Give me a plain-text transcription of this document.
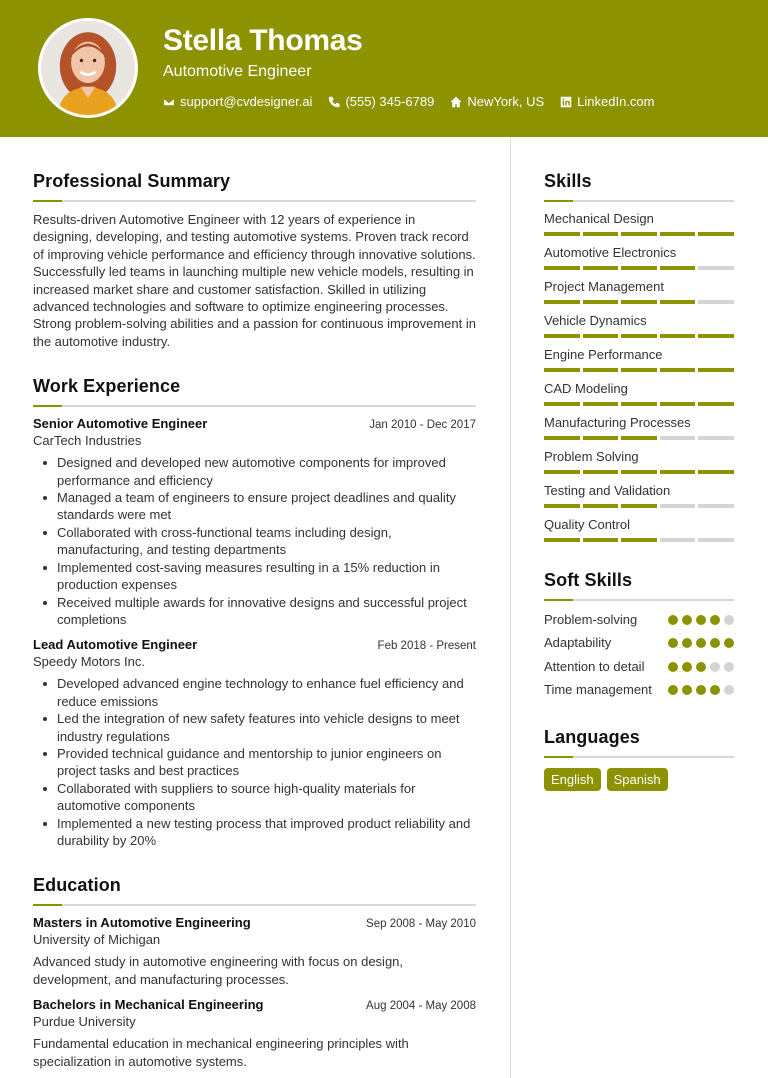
Stella Thomas
Automotive Engineer
support@cvdesigner.ai	(555) 345-6789	NewYork, US	LinkedIn.com
Professional Summary

Results-driven Automotive Engineer with 12 years of experience in designing, developing, and testing automotive systems. Proven track record of improving vehicle performance and efficiency through innovative solutions. Successfully led teams in launching multiple new vehicle models, resulting in increased market share and customer satisfaction. Skilled in utilizing advanced technologies and software to optimize engineering processes. Strong problem-solving abilities and a passion for continuous improvement in the automotive industry.

Work Experience
Senior Automotive Engineer	Jan 2010 - Dec 2017
CarTech Industries
Designed and developed new automotive components for improved performance and efficiency
Managed a team of engineers to ensure project deadlines and quality standards were met
Collaborated with cross-functional teams including design, manufacturing, and testing departments
Implemented cost-saving measures resulting in a 15% reduction in production expenses
Received multiple awards for innovative designs and successful project completions
Lead Automotive Engineer	Feb 2018 - Present
Speedy Motors Inc.
Developed advanced engine technology to enhance fuel efficiency and reduce emissions
Led the integration of new safety features into vehicle designs to meet industry regulations
Provided technical guidance and mentorship to junior engineers on project tasks and best practices
Collaborated with suppliers to source high-quality materials for automotive components
Implemented a new testing process that improved product reliability and durability by 20%
Education
Masters in Automotive Engineering	Sep 2008 - May 2010
University of Michigan

Advanced study in automotive engineering with focus on design, development, and manufacturing processes.

Bachelors in Mechanical Engineering	Aug 2004 - May 2008
Purdue University

Fundamental education in mechanical engineering principles with specialization in automotive systems.

Skills
Mechanical Design
Automotive Electronics
Project Management
Vehicle Dynamics
Engine Performance
CAD Modeling
Manufacturing Processes
Problem Solving
Testing and Validation
Quality Control
Soft Skills
Problem-solving
Adaptability
Attention to detail
Time management
Languages
English	Spanish
